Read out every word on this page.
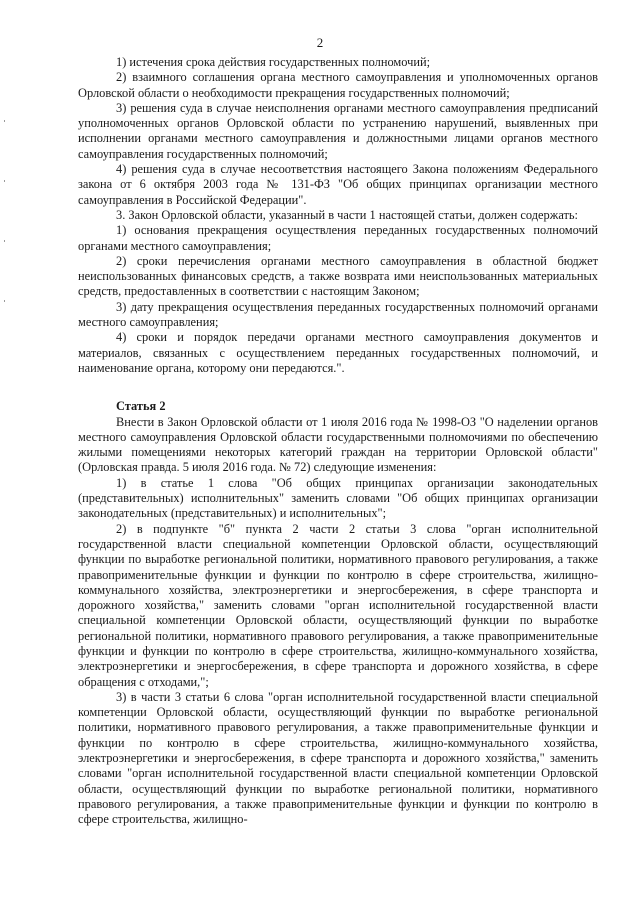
2

1) истечения срока действия государственных полномочий;

2) взаимного соглашения органа местного самоуправления и уполномоченных органов Орловской области о необходимости прекращения государственных полномочий;

3) решения суда в случае неисполнения органами местного самоуправления предписаний уполномоченных органов Орловской области по устранению нарушений, выявленных при исполнении органами местного самоуправления и должностными лицами органов местного самоуправления государственных полномочий;

4) решения суда в случае несоответствия настоящего Закона положениям Федерального закона от 6 октября 2003 года № 131-ФЗ "Об общих принципах организации местного самоуправления в Российской Федерации".

3. Закон Орловской области, указанный в части 1 настоящей статьи, должен содержать:

1) основания прекращения осуществления переданных государственных полномочий органами местного самоуправления;

2) сроки перечисления органами местного самоуправления в областной бюджет неиспользованных финансовых средств, а также возврата ими неиспользованных материальных средств, предоставленных в соответствии с настоящим Законом;

3) дату прекращения осуществления переданных государственных полномочий органами местного самоуправления;

4) сроки и порядок передачи органами местного самоуправления документов и материалов, связанных с осуществлением переданных государственных полномочий, и наименование органа, которому они передаются.".

Статья 2

Внести в Закон Орловской области от 1 июля 2016 года № 1998-ОЗ "О наделении органов местного самоуправления Орловской области государственными полномочиями по обеспечению жилыми помещениями некоторых категорий граждан на территории Орловской области" (Орловская правда. 5 июля 2016 года. № 72) следующие изменения:

1) в статье 1 слова "Об общих принципах организации законодательных (представительных) исполнительных" заменить словами "Об общих принципах организации законодательных (представительных) и исполнительных";

2) в подпункте "б" пункта 2 части 2 статьи 3 слова "орган исполнительной государственной власти специальной компетенции Орловской области, осуществляющий функции по выработке региональной политики, нормативного правового регулирования, а также правоприменительные функции и функции по контролю в сфере строительства, жилищно-коммунального хозяйства, электроэнергетики и энергосбережения, в сфере транспорта и дорожного хозяйства," заменить словами "орган исполнительной государственной власти специальной компетенции Орловской области, осуществляющий функции по выработке региональной политики, нормативного правового регулирования, а также правоприменительные функции и функции по контролю в сфере строительства, жилищно-коммунального хозяйства, электроэнергетики и энергосбережения, в сфере транспорта и дорожного хозяйства, в сфере обращения с отходами,";

3) в части 3 статьи 6 слова "орган исполнительной государственной власти специальной компетенции Орловской области, осуществляющий функции по выработке региональной политики, нормативного правового регулирования, а также правоприменительные функции и функции по контролю в сфере строительства, жилищно-коммунального хозяйства, электроэнергетики и энергосбережения, в сфере транспорта и дорожного хозяйства," заменить словами "орган исполнительной государственной власти специальной компетенции Орловской области, осуществляющий функции по выработке региональной политики, нормативного правового регулирования, а также правоприменительные функции и функции по контролю в сфере строительства, жилищно-
